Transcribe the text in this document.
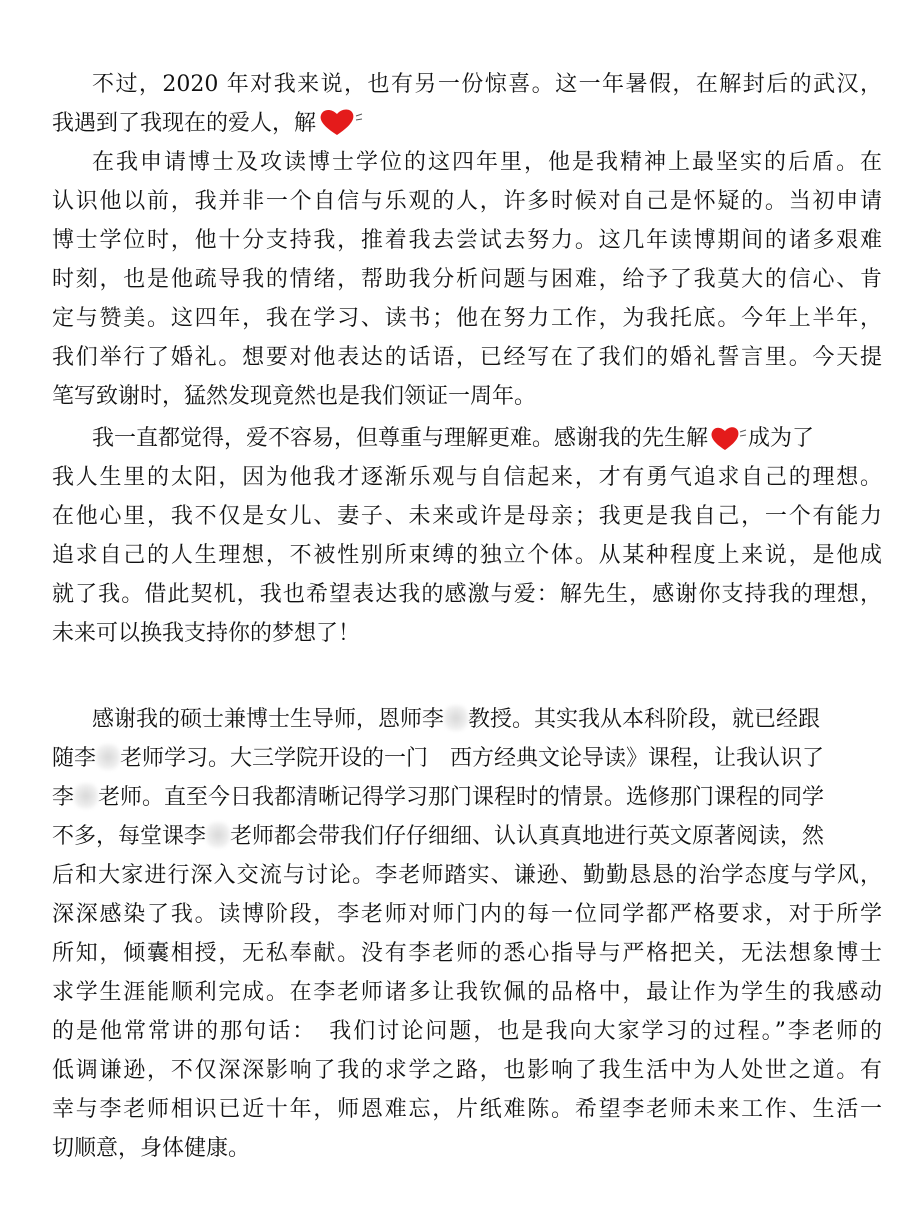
不过，2020 年对我来说，也有另一份惊喜。这一年暑假，在解封后的武汉，
我遇到了我现在的爱人，解
在我申请博士及攻读博士学位的这四年里，他是我精神上最坚实的后盾。在
认识他以前，我并非一个自信与乐观的人，许多时候对自己是怀疑的。当初申请
博士学位时，他十分支持我，推着我去尝试去努力。这几年读博期间的诸多艰难
时刻，也是他疏导我的情绪，帮助我分析问题与困难，给予了我莫大的信心、肯
定与赞美。这四年，我在学习、读书；他在努力工作，为我托底。今年上半年，
我们举行了婚礼。想要对他表达的话语，已经写在了我们的婚礼誓言里。今天提
笔写致谢时，猛然发现竟然也是我们领证一周年。
我一直都觉得，爱不容易，但尊重与理解更难。感谢我的先生解 成为了
我人生里的太阳，因为他我才逐渐乐观与自信起来，才有勇气追求自己的理想。
在他心里，我不仅是女儿、妻子、未来或许是母亲；我更是我自己，一个有能力
追求自己的人生理想，不被性别所束缚的独立个体。从某种程度上来说，是他成
就了我。借此契机，我也希望表达我的感激与爱：解先生，感谢你支持我的理想，
未来可以换我支持你的梦想了！
感谢我的硕士兼博士生导师，恩师李 教授。其实我从本科阶段，就已经跟
随李 老师学习。大三学院开设的一门　西方经典文论导读》课程，让我认识了
李 老师。直至今日我都清晰记得学习那门课程时的情景。选修那门课程的同学
不多，每堂课李 老师都会带我们仔仔细细、认认真真地进行英文原著阅读，然
后和大家进行深入交流与讨论。李老师踏实、谦逊、勤勤恳恳的治学态度与学风，
深深感染了我。读博阶段，李老师对师门内的每一位同学都严格要求，对于所学
所知，倾囊相授，无私奉献。没有李老师的悉心指导与严格把关，无法想象博士
求学生涯能顺利完成。在李老师诸多让我钦佩的品格中，最让作为学生的我感动
的是他常常讲的那句话：　我们讨论问题，也是我向大家学习的过程。”李老师的
低调谦逊，不仅深深影响了我的求学之路，也影响了我生活中为人处世之道。有
幸与李老师相识已近十年，师恩难忘，片纸难陈。希望李老师未来工作、生活一
切顺意，身体健康。
